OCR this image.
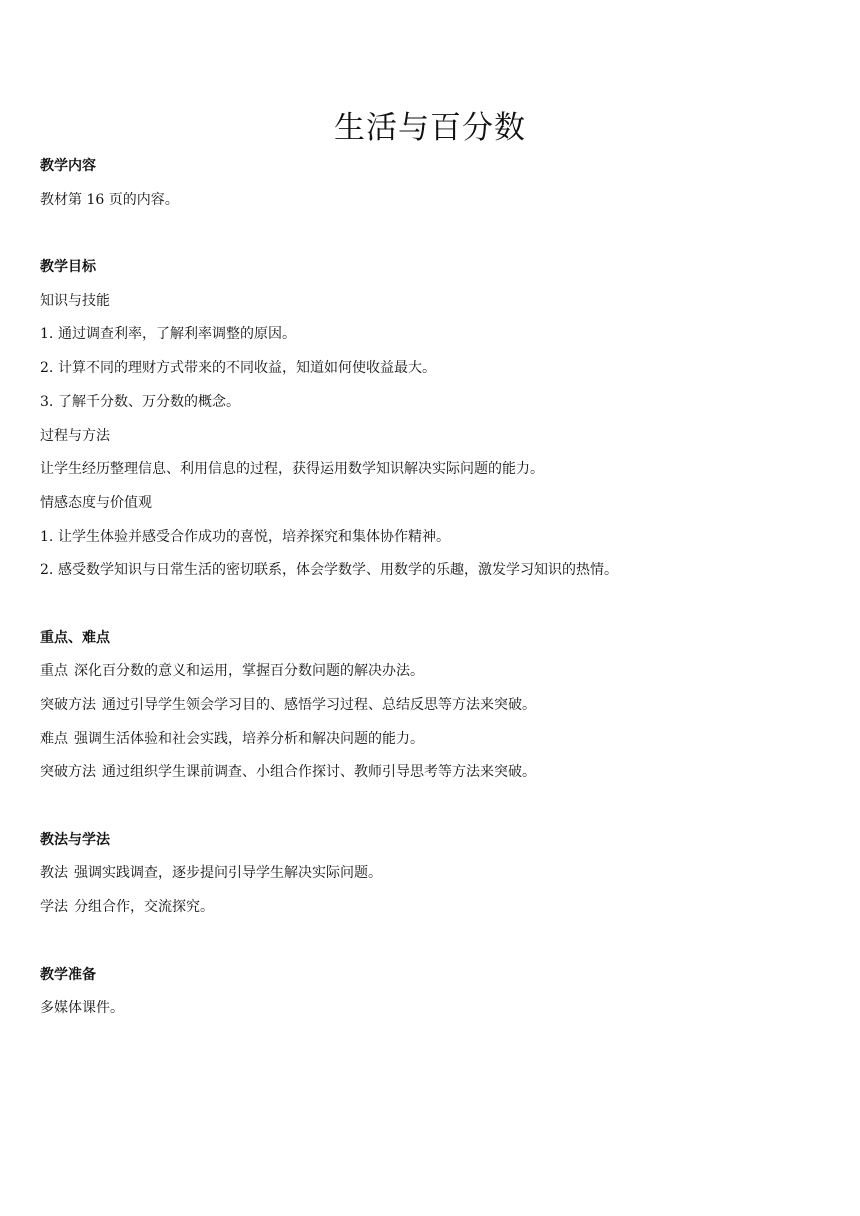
生活与百分数
教学内容
教材第 16 页的内容。
教学目标
知识与技能
1. 通过调查利率，了解利率调整的原因。
2. 计算不同的理财方式带来的不同收益，知道如何使收益最大。
3. 了解千分数、万分数的概念。
过程与方法
让学生经历整理信息、利用信息的过程，获得运用数学知识解决实际问题的能力。
情感态度与价值观
1. 让学生体验并感受合作成功的喜悦，培养探究和集体协作精神。
2. 感受数学知识与日常生活的密切联系，体会学数学、用数学的乐趣，激发学习知识的热情。
重点、难点
重点 深化百分数的意义和运用，掌握百分数问题的解决办法。
突破方法 通过引导学生领会学习目的、感悟学习过程、总结反思等方法来突破。
难点 强调生活体验和社会实践，培养分析和解决问题的能力。
突破方法 通过组织学生课前调查、小组合作探讨、教师引导思考等方法来突破。
教法与学法
教法 强调实践调查，逐步提问引导学生解决实际问题。
学法 分组合作，交流探究。
教学准备
多媒体课件。
